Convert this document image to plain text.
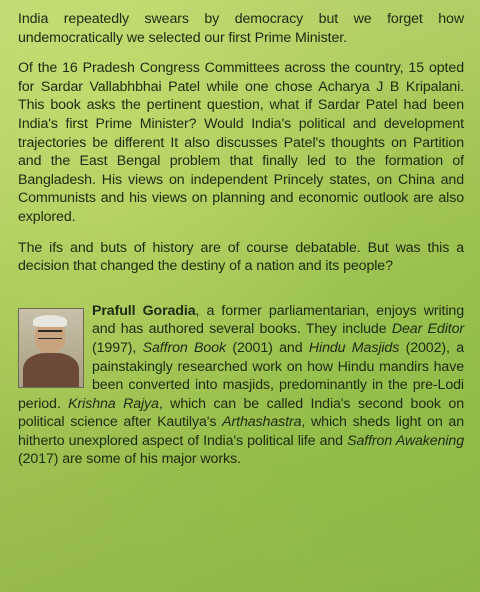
India repeatedly swears by democracy but we forget how undemocratically we selected our first Prime Minister.

Of the 16 Pradesh Congress Committees across the country, 15 opted for Sardar Vallabhbhai Patel while one chose Acharya J B Kripalani. This book asks the pertinent question, what if Sardar Patel had been India's first Prime Minister? Would India's political and development trajectories be different It also discusses Patel's thoughts on Partition and the East Bengal problem that finally led to the formation of Bangladesh. His views on independent Princely states, on China and Communists and his views on planning and economic outlook are also explored.

The ifs and buts of history are of course debatable. But was this a decision that changed the destiny of a nation and its people?

Prafull Goradia, a former parliamentarian, enjoys writing and has authored several books. They include Dear Editor (1997), Saffron Book (2001) and Hindu Masjids (2002), a painstakingly researched work on how Hindu mandirs have been converted into masjids, predominantly in the pre-Lodi period. Krishna Rajya, which can be called India's second book on political science after Kautilya's Arthashastra, which sheds light on an hitherto unexplored aspect of India's political life and Saffron Awakening (2017) are some of his major works.
